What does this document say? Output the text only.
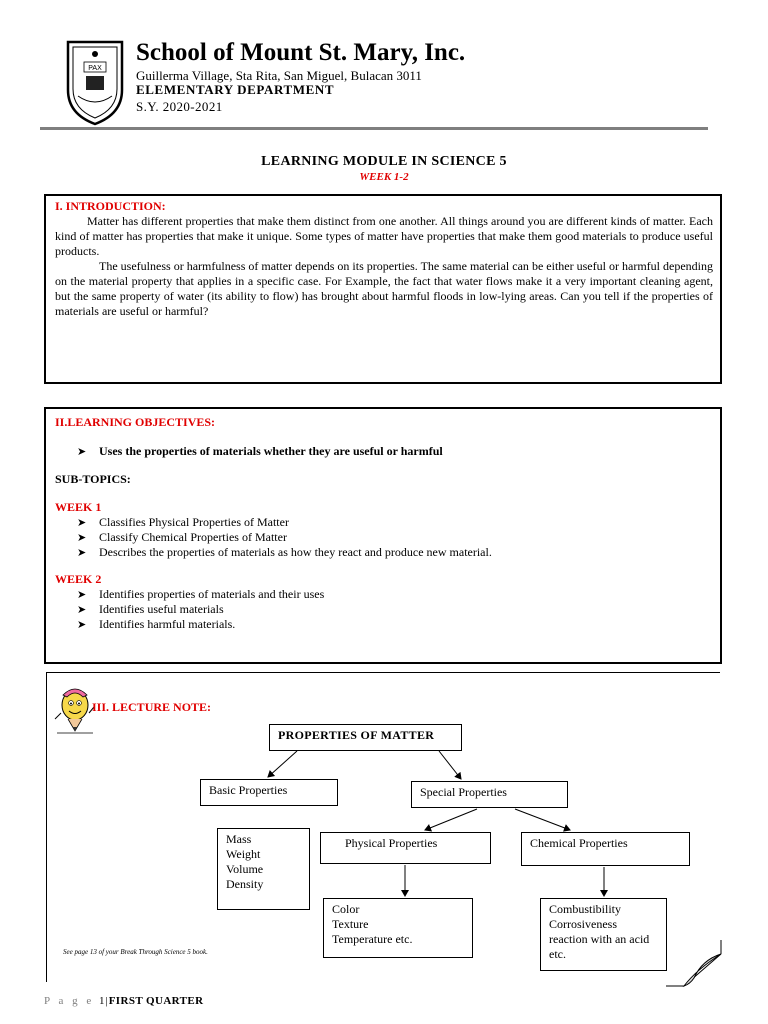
PAX
School of Mount St. Mary, Inc.
Guillerma Village, Sta Rita, San Miguel, Bulacan 3011
ELEMENTARY DEPARTMENT
S.Y. 2020-2021
LEARNING MODULE IN SCIENCE 5
WEEK 1-2
I. INTRODUCTION:

Matter has different properties that make them distinct from one another. All things around you are different kinds of matter. Each kind of matter has properties that make it unique. Some types of matter have properties that make them good materials to produce useful products.

The usefulness or harmfulness of matter depends on its properties. The same material can be either useful or harmful depending on the material property that applies in a specific case. For Example, the fact that water flows make it a very important cleaning agent, but the same property of water (its ability to flow) has brought about harmful floods in low-lying areas. Can you tell if the properties of materials are useful or harmful?

II.LEARNING OBJECTIVES:
➤ Uses the properties of materials whether they are useful or harmful
SUB-TOPICS:
WEEK 1
➤ Classifies Physical Properties of Matter
➤ Classify Chemical Properties of Matter
➤ Describes the properties of materials as how they react and produce new material.
WEEK 2
➤ Identifies properties of materials and their uses
➤ Identifies useful materials
➤ Identifies harmful materials.
III. LECTURE NOTE:
PROPERTIES OF MATTER
Basic Properties	Special Properties
Mass
Weight
Volume
Density
Physical Properties	Chemical Properties
Color
Texture
Temperature etc.
Combustibility
Corrosiveness
reaction with an acid etc.
See page 13 of your Break Through Science 5 book.
P a g e 1|FIRST QUARTER
